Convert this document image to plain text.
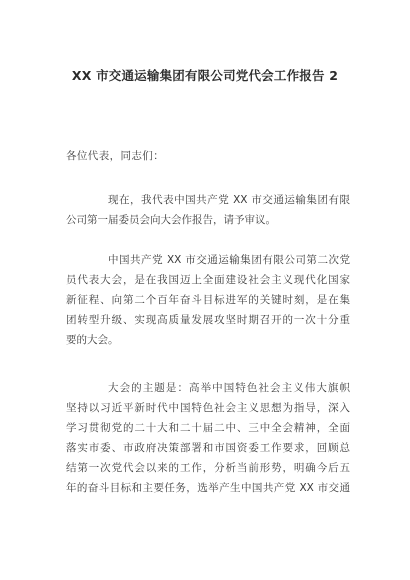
XX 市交通运输集团有限公司党代会工作报告 2
各位代表，同志们：
现在，我代表中国共产党 XX 市交通运输集团有限
公司第一届委员会向大会作报告，请予审议。
中国共产党 XX 市交通运输集团有限公司第二次党
员代表大会，是在我国迈上全面建设社会主义现代化国家
新征程、向第二个百年奋斗目标进军的关键时刻，是在集
团转型升级、实现高质量发展攻坚时期召开的一次十分重
要的大会。
大会的主题是：高举中国特色社会主义伟大旗帜
坚持以习近平新时代中国特色社会主义思想为指导，深入
学习贯彻党的二十大和二十届二中、三中全会精神，全面
落实市委、市政府决策部署和市国资委工作要求，回顾总
结第一次党代会以来的工作，分析当前形势，明确今后五
年的奋斗目标和主要任务，选举产生中国共产党 XX 市交通
